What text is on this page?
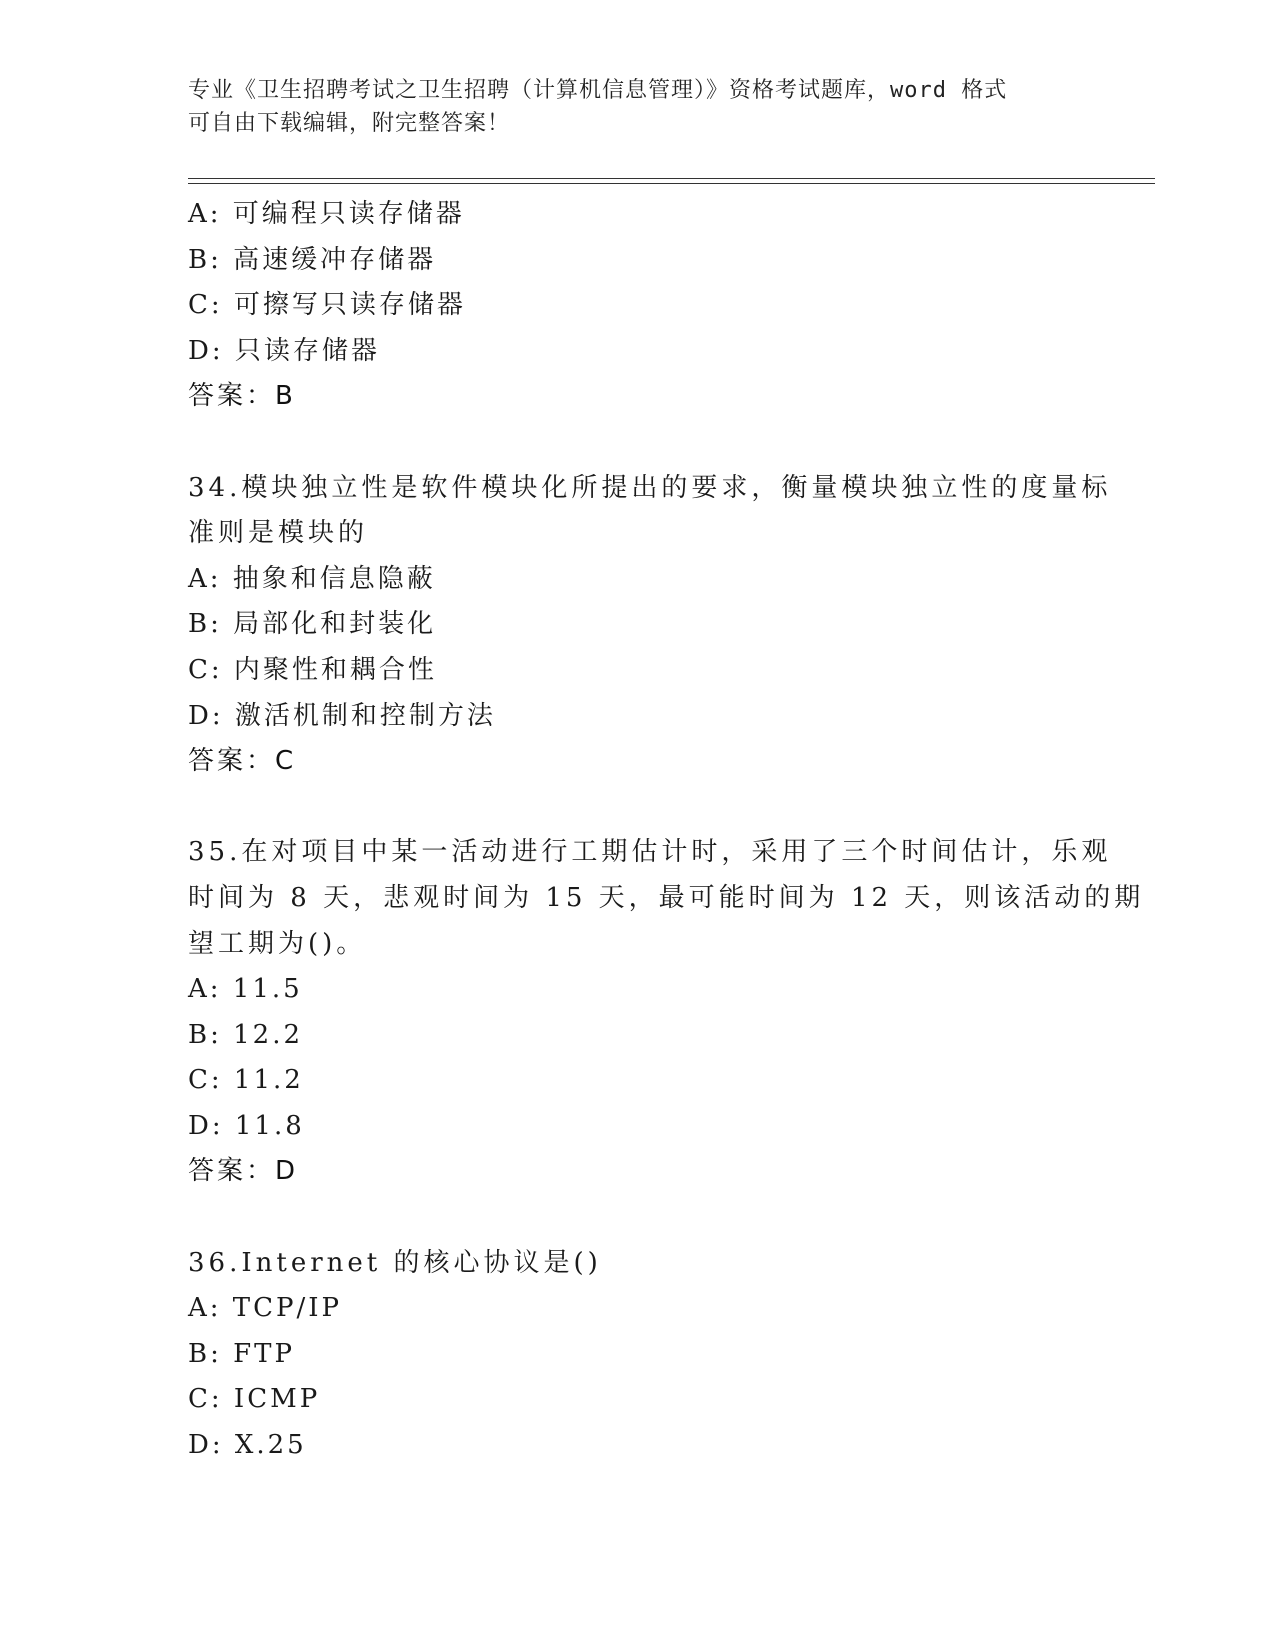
专业《卫生招聘考试之卫生招聘（计算机信息管理）》资格考试题库，word 格式
可自由下载编辑，附完整答案！
A: 可编程只读存储器
B: 高速缓冲存储器
C: 可擦写只读存储器
D: 只读存储器
答案：B
34.模块独立性是软件模块化所提出的要求，衡量模块独立性的度量标
准则是模块的
A: 抽象和信息隐蔽
B: 局部化和封装化
C: 内聚性和耦合性
D: 激活机制和控制方法
答案：C
35.在对项目中某一活动进行工期估计时，采用了三个时间估计，乐观
时间为 8 天，悲观时间为 15 天，最可能时间为 12 天，则该活动的期
望工期为()。
A: 11.5
B: 12.2
C: 11.2
D: 11.8
答案：D
36.Internet 的核心协议是()
A: TCP/IP
B: FTP
C: ICMP
D: X.25
